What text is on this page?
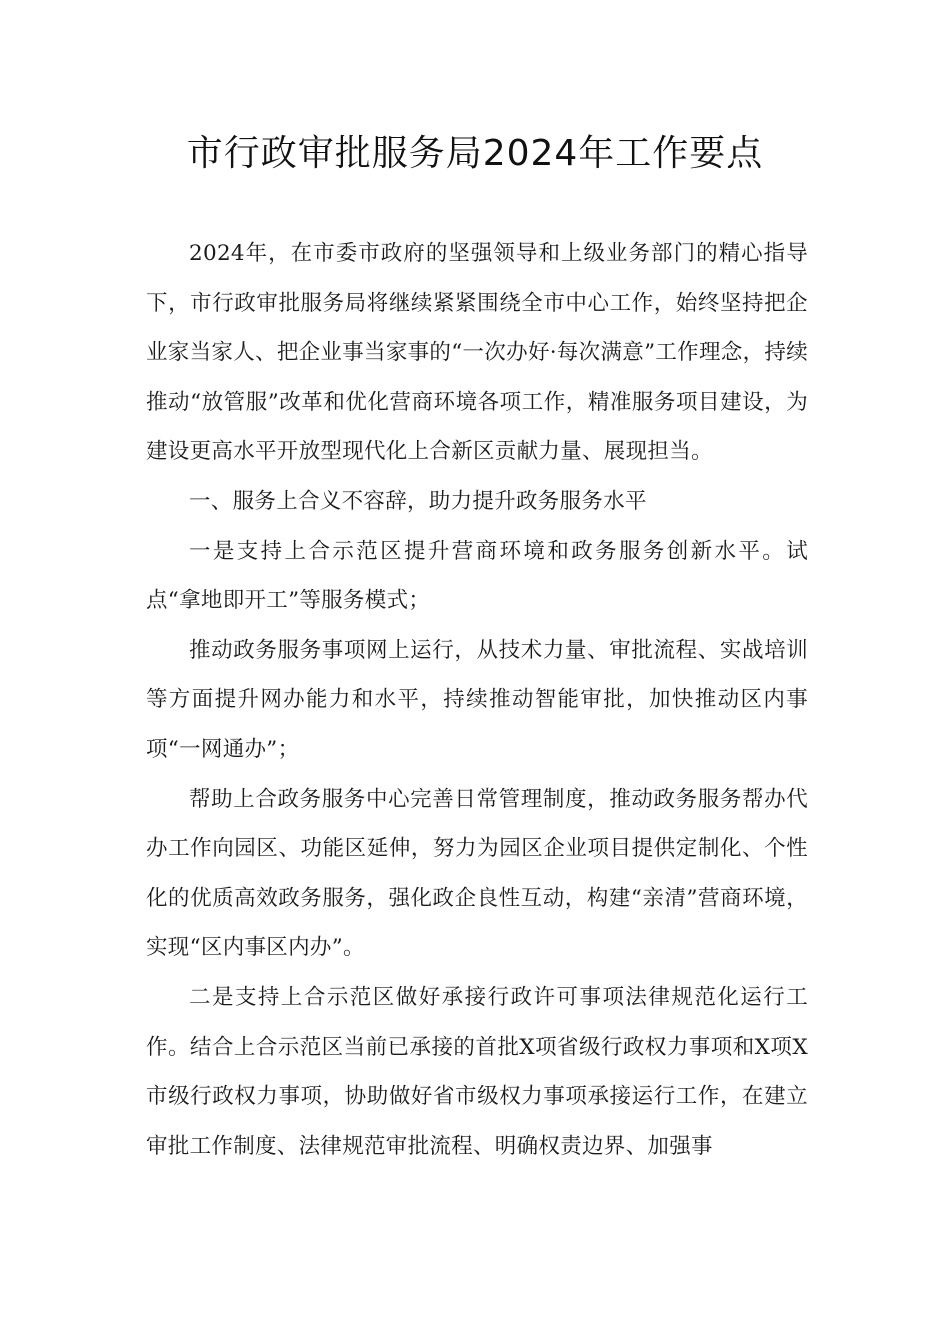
市行政审批服务局2024年工作要点

2024年，在市委市政府的坚强领导和上级业务部门的精心指导下，市行政审批服务局将继续紧紧围绕全市中心工作，始终坚持把企业家当家人、把企业事当家事的“一次办好·每次满意”工作理念，持续推动“放管服”改革和优化营商环境各项工作，精准服务项目建设，为建设更高水平开放型现代化上合新区贡献力量、展现担当。

一、服务上合义不容辞，助力提升政务服务水平

一是支持上合示范区提升营商环境和政务服务创新水平。试点“拿地即开工”等服务模式；

推动政务服务事项网上运行，从技术力量、审批流程、实战培训等方面提升网办能力和水平，持续推动智能审批，加快推动区内事项“一网通办”；

帮助上合政务服务中心完善日常管理制度，推动政务服务帮办代办工作向园区、功能区延伸，努力为园区企业项目提供定制化、个性化的优质高效政务服务，强化政企良性互动，构建“亲清”营商环境，实现“区内事区内办”。

二是支持上合示范区做好承接行政许可事项法律规范化运行工作。结合上合示范区当前已承接的首批X项省级行政权力事项和X项X市级行政权力事项，协助做好省市级权力事项承接运行工作，在建立审批工作制度、法律规范审批流程、明确权责边界、加强事
